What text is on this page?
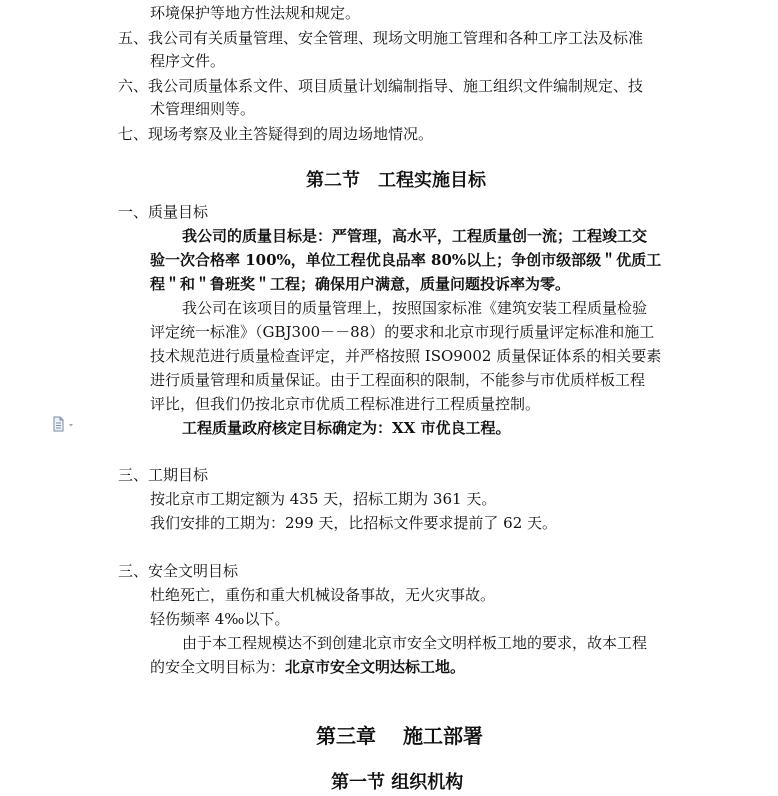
环境保护等地方性法规和规定。
五、我公司有关质量管理、安全管理、现场文明施工管理和各种工序工法及标准
程序文件。
六、我公司质量体系文件、项目质量计划编制指导、施工组织文件编制规定、技
术管理细则等。
七、现场考察及业主答疑得到的周边场地情况。
第二节　工程实施目标
一、质量目标
我公司的质量目标是：严管理，高水平，工程质量创一流；工程竣工交
验一次合格率 100%，单位工程优良品率 80%以上；争创市级部级＂优质工
程＂和＂鲁班奖＂工程；确保用户满意，质量问题投诉率为零。
我公司在该项目的质量管理上，按照国家标准《建筑安装工程质量检验
评定统一标准》（GBJ300－－88）的要求和北京市现行质量评定标准和施工
技术规范进行质量检查评定，并严格按照 ISO9002 质量保证体系的相关要素
进行质量管理和质量保证。由于工程面积的限制，不能参与市优质样板工程
评比，但我们仍按北京市优质工程标准进行工程质量控制。
工程质量政府核定目标确定为：XX 市优良工程。
三、工期目标
按北京市工期定额为 435 天，招标工期为 361 天。
我们安排的工期为：299 天，比招标文件要求提前了 62 天。
三、安全文明目标
杜绝死亡，重伤和重大机械设备事故，无火灾事故。
轻伤频率 4‰以下。
由于本工程规模达不到创建北京市安全文明样板工地的要求，故本工程
的安全文明目标为：北京市安全文明达标工地。
第三章　 施工部署
第一节 组织机构
